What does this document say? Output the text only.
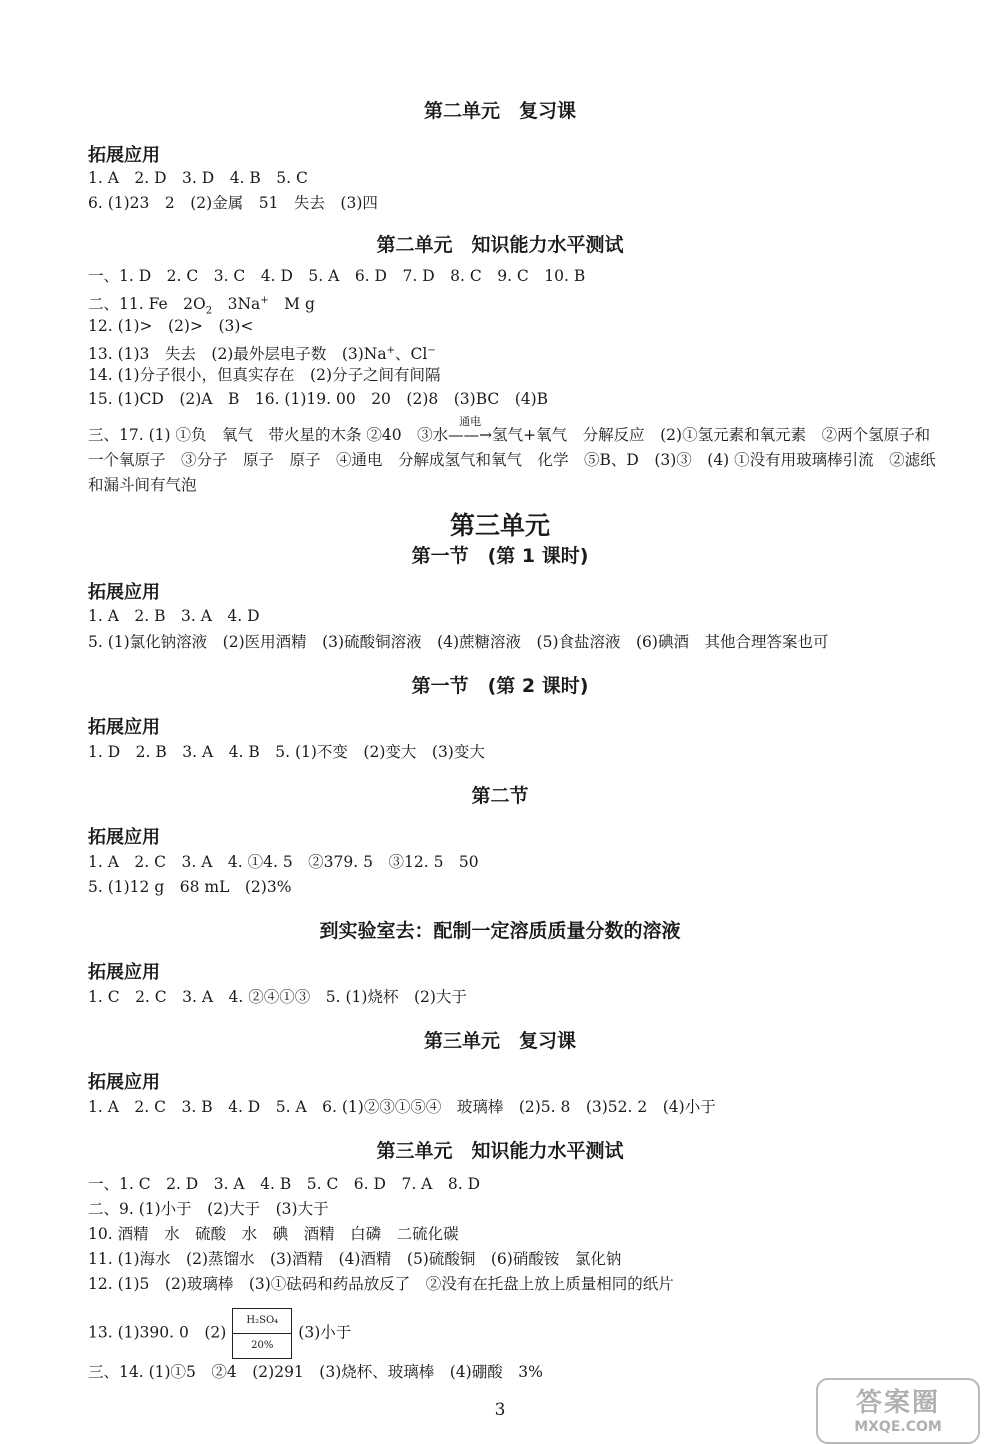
第二单元　复习课
拓展应用
1. A　2. D　3. D　4. B　5. C
6. (1)23　2　(2)金属　51　失去　(3)四
第二单元　知识能力水平测试
一、1. D　2. C　3. C　4. D　5. A　6. D　7. D　8. C　9. C　10. B
二、11. Fe　$2O_2$　3Na+　M g
12. (1)>　(2)>　(3)<
13. (1)3　失去　(2)最外层电子数　(3)Na+、Cl−
14. (1)分子很小，但真实存在　(2)分子之间有间隔
15. (1)CD　(2)A　B　16. (1)19. 00　20　(2)8　(3)BC　(4)B
三、17. (1) ①负　氧气　带火星的木条 ②40　③水
通电
——→氢气+氧气　分解反应　(2)①氢元素和氧元素　②两个氢原子和一个氧原子　③分子　原子　原子　④通电　分解成氢气和氧气　化学　⑤B、D　(3)③　(4) ①没有用玻璃棒引流　②滤纸和漏斗间有气泡
第三单元
第一节　(第 1 课时)
拓展应用
1. A　2. B　3. A　4. D
5. (1)氯化钠溶液　(2)医用酒精　(3)硫酸铜溶液　(4)蔗糖溶液　(5)食盐溶液　(6)碘酒　其他合理答案也可
第一节　(第 2 课时)
拓展应用
1. D　2. B　3. A　4. B　5. (1)不变　(2)变大　(3)变大
第二节
拓展应用
1. A　2. C　3. A　4. ①4. 5　②379. 5　③12. 5　50
5. (1)12 g　68 mL　(2)3%
到实验室去：配制一定溶质质量分数的溶液
拓展应用
1. C　2. C　3. A　4. ②④①③　5. (1)烧杯　(2)大于
第三单元　复习课
拓展应用
1. A　2. C　3. B　4. D　5. A　6. (1)②③①⑤④　玻璃棒　(2)5. 8　(3)52. 2　(4)小于
第三单元　知识能力水平测试
一、1. C　2. D　3. A　4. B　5. C　6. D　7. A　8. D
二、9. (1)小于　(2)大于　(3)大于
10. 酒精　水　硫酸　水　碘　酒精　白磷　二硫化碳
11. (1)海水　(2)蒸馏水　(3)酒精　(4)酒精　(5)硫酸铜　(6)硝酸铵　氯化钠
12. (1)5　(2)玻璃棒　(3)①砝码和药品放反了　②没有在托盘上放上质量相同的纸片
13. (1)390. 0　$(2) \frac{\text{H₂SO₄}}{20\%} (3)$小于
三、14. (1)①5　②4　(2)291　(3)烧杯、玻璃棒　(4)硼酸　3%
3	答案圈
MXQE.COM
